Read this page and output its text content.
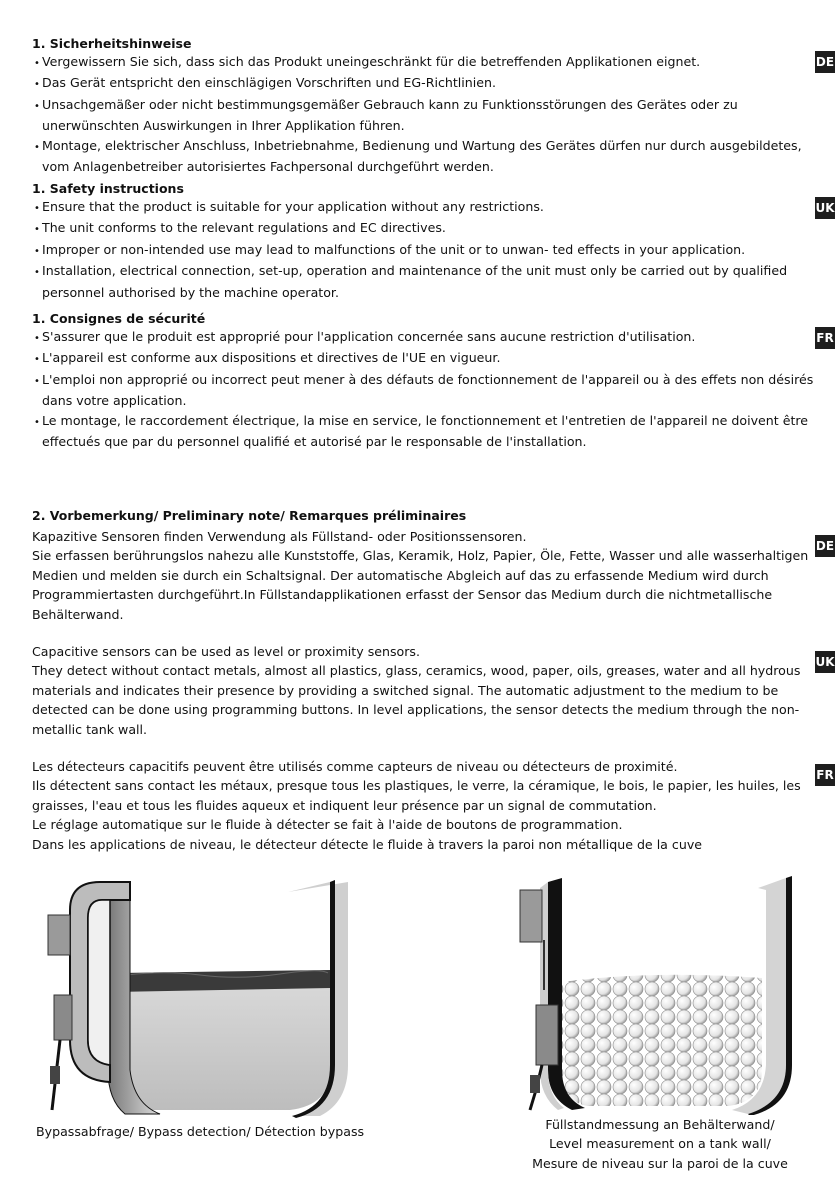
1. Sicherheitshinweise

• Vergewissern Sie sich, dass sich das Produkt uneingeschränkt für die betreffenden Applikationen eignet.
• Das Gerät entspricht den einschlägigen Vorschriften und EG-Richtlinien.
• Unsachgemäßer oder nicht bestimmungsgemäßer Gebrauch kann zu Funktionsstörungen des Gerätes oder zu unerwünschten Auswirkungen in Ihrer Applikation führen.
• Montage, elektrischer Anschluss, Inbetriebnahme, Bedienung und Wartung des Gerätes dürfen nur durch ausgebildetes, vom Anlagenbetreiber autorisiertes Fachpersonal durchgeführt werden.
DE

1. Safety instructions

• Ensure that the product is suitable for your application without any restrictions.
• The unit conforms to the relevant regulations and EC directives.
• Improper or non-intended use may lead to malfunctions of the unit or to unwan- ted effects in your application.
• Installation, electrical connection, set-up, operation and maintenance of the unit must only be carried out by qualified personnel authorised by the machine operator.
UK

1. Consignes de sécurité

• S'assurer que le produit est approprié pour l'application concernée sans aucune restriction d'utilisation.
• L'appareil est conforme aux dispositions et directives de l'UE en vigueur.
• L'emploi non approprié ou incorrect peut mener à des défauts de fonctionnement de l'appareil ou à des effets non désirés dans votre application.
• Le montage, le raccordement électrique, la mise en service, le fonctionnement et l'entretien de l'appareil ne doivent être effectués que par du personnel qualifié et autorisé par le responsable de l'installation.
FR

2. Vorbemerkung/ Preliminary note/ Remarques préliminaires

Kapazitive Sensoren finden Verwendung als Füllstand- oder Positionssensoren.
Sie erfassen berührungslos nahezu alle Kunststoffe, Glas, Keramik, Holz, Papier, Öle, Fette, Wasser und alle wasserhaltigen Medien und melden sie durch ein Schaltsignal. Der automatische Abgleich auf das zu erfassende Medium wird durch Programmiertasten durchgeführt.In Füllstandapplikationen erfasst der Sensor das Medium durch die nichtmetallische Behälterwand.

DE

Capacitive sensors can be used as level or proximity sensors.
They detect without contact metals, almost all plastics, glass, ceramics, wood, paper, oils, greases, water and all hydrous materials and indicates their presence by providing a switched signal. The automatic adjustment to the medium to be detected can be done using programming buttons. In level applications, the sensor detects the medium through the non-metallic tank wall.

UK

Les détecteurs capacitifs peuvent être utilisés comme capteurs de niveau ou détecteurs de proximité.
Ils détectent sans contact les métaux, presque tous les plastiques, le verre, la céramique, le bois, le papier, les huiles, les graisses, l'eau et tous les fluides aqueux et indiquent leur présence par un signal de commutation.
Le réglage automatique sur le fluide à détecter se fait à l'aide de boutons de programmation.
Dans les applications de niveau, le détecteur détecte le fluide à travers la paroi non métallique de la cuve

FR
Bypassabfrage/ Bypass detection/ Détection bypass	Füllstandmessung an Behälterwand/
Level measurement on a tank wall/
Mesure de niveau sur la paroi de la cuve
